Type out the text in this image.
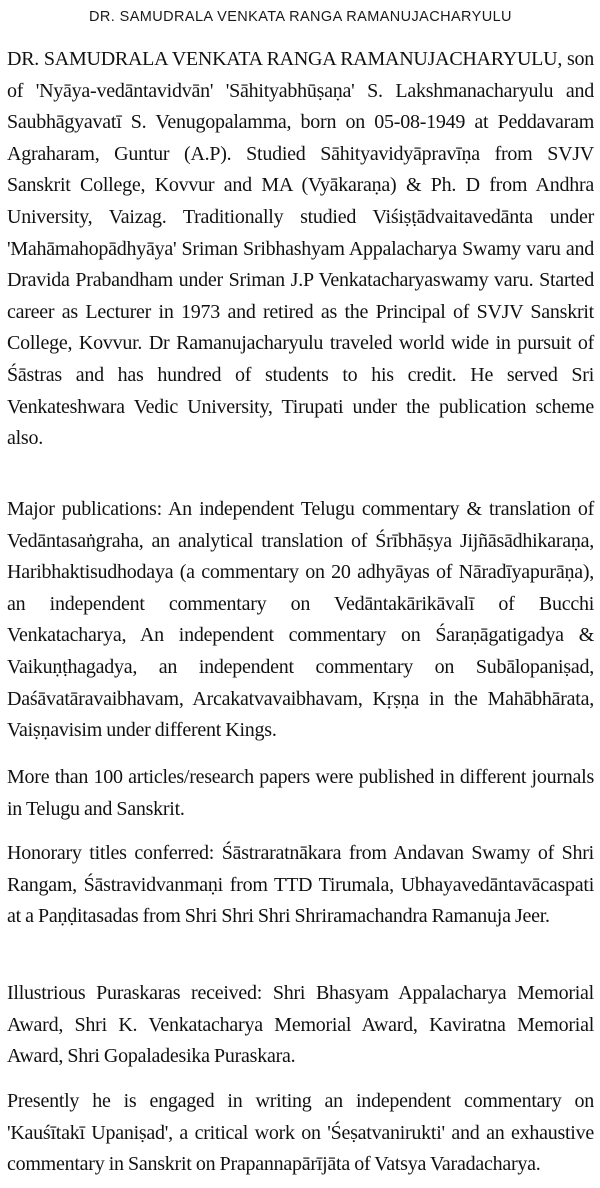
DR. SAMUDRALA VENKATA RANGA RAMANUJACHARYULU

DR. SAMUDRALA VENKATA RANGA RAMANUJACHARYULU, son of 'Nyāya-vedāntavidvān' 'Sāhityabhūṣaṇa' S. Lakshmanacharyulu and Saubhāgyavatī S. Venugopalamma, born on 05-08-1949 at Peddavaram Agraharam, Guntur (A.P). Studied Sāhityavidyāpravīṇa from SVJV Sanskrit College, Kovvur and MA (Vyākaraṇa) & Ph. D from Andhra University, Vaizag. Traditionally studied Viśiṣṭādvaitavedānta under 'Mahāmahopādhyāya' Sriman Sribhashyam Appalacharya Swamy varu and Dravida Prabandham under Sriman J.P Venkatacharyaswamy varu. Started career as Lecturer in 1973 and retired as the Principal of SVJV Sanskrit College, Kovvur. Dr Ramanujacharyulu traveled world wide in pursuit of Śāstras and has hundred of students to his credit. He served Sri Venkateshwara Vedic University, Tirupati under the publication scheme also.

Major publications: An independent Telugu commentary & translation of Vedāntasaṅgraha, an analytical translation of Śrībhāṣya Jijñāsādhikaraṇa, Haribhaktisudhodaya (a commentary on 20 adhyāyas of Nāradīyapurāṇa), an independent commentary on Vedāntakārikāvalī of Bucchi Venkatacharya, An independent commentary on Śaraṇāgatigadya & Vaikuṇṭhagadya, an independent commentary on Subālopaniṣad, Daśāvatāravaibhavam, Arcakatvavaibhavam, Kṛṣṇa in the Mahābhārata, Vaiṣṇavisim under different Kings.

More than 100 articles/research papers were published in different journals in Telugu and Sanskrit.

Honorary titles conferred: Śāstraratnākara from Andavan Swamy of Shri Rangam, Śāstravidvanmaṇi from TTD Tirumala, Ubhayavedāntavācaspati at a Paṇḍitasadas from Shri Shri Shri Shriramachandra Ramanuja Jeer.

Illustrious Puraskaras received: Shri Bhasyam Appalacharya Memorial Award, Shri K. Venkatacharya Memorial Award, Kaviratna Memorial Award, Shri Gopaladesika Puraskara.

Presently he is engaged in writing an independent commentary on 'Kauśītakī Upaniṣad', a critical work on 'Śeṣatvanirukti' and an exhaustive commentary in Sanskrit on Prapannapārījāta of Vatsya Varadacharya.
